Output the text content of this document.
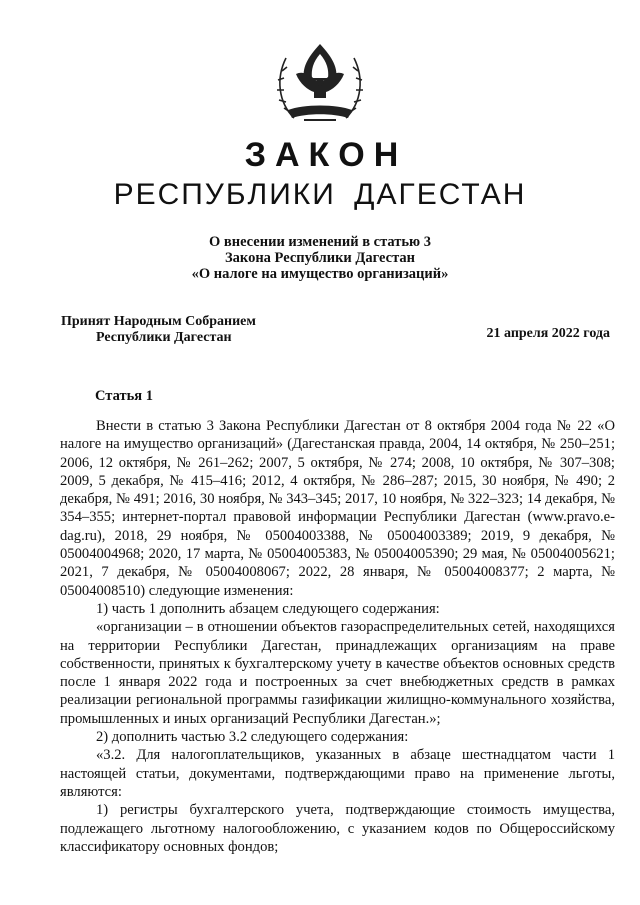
ЗАКОН
РЕСПУБЛИКИ ДАГЕСТАН
О внесении изменений в статью 3
Закона Республики Дагестан
«О налоге на имущество организаций»
Принят Народным Собранием
Республики Дагестан	21 апреля 2022 года
Статья 1

Внести в статью 3 Закона Республики Дагестан от 8 октября 2004 года № 22 «О налоге на имущество организаций» (Дагестанская правда, 2004, 14 октября, № 250–251; 2006, 12 октября, № 261–262; 2007, 5 октября, № 274; 2008, 10 октября, № 307–308; 2009, 5 декабря, № 415–416; 2012, 4 октября, № 286–287; 2015, 30 ноября, № 490; 2 декабря, № 491; 2016, 30 ноября, № 343–345; 2017, 10 ноября, № 322–323; 14 декабря, № 354–355; интернет-портал правовой информации Республики Дагестан (www.pravo.e-dag.ru), 2018, 29 ноября, № 05004003388, № 05004003389; 2019, 9 декабря, № 05004004968; 2020, 17 марта, № 05004005383, № 05004005390; 29 мая, № 05004005621; 2021, 7 декабря, № 05004008067; 2022, 28 января, № 05004008377; 2 марта, № 05004008510) следующие изменения:

1) часть 1 дополнить абзацем следующего содержания:

«организации – в отношении объектов газораспределительных сетей, находящихся на территории Республики Дагестан, принадлежащих организациям на праве собственности, принятых к бухгалтерскому учету в качестве объектов основных средств после 1 января 2022 года и построенных за счет внебюджетных средств в рамках реализации региональной программы газификации жилищно-коммунального хозяйства, промышленных и иных организаций Республики Дагестан.»;

2) дополнить частью 3.2 следующего содержания:

«3.2. Для налогоплательщиков, указанных в абзаце шестнадцатом части 1 настоящей статьи, документами, подтверждающими право на применение льготы, являются:

1) регистры бухгалтерского учета, подтверждающие стоимость имущества, подлежащего льготному налогообложению, с указанием кодов по Общероссийскому классификатору основных фондов;
